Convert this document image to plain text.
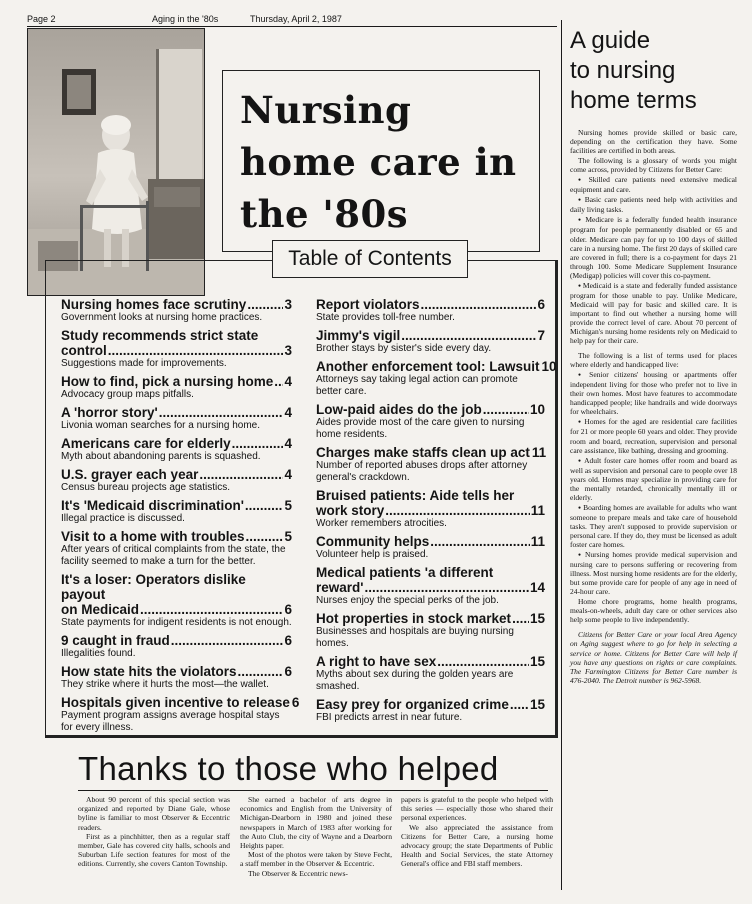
Page 2	Aging in the '80s	Thursday, April 2, 1987
Nursing
home care in
the '80s
Table of Contents
Nursing homes face scrutiny .....	3
Government looks at nursing home practices.
Study recommends strict state
control .....	3
Suggestions made for improvements.
How to find, pick a nursing home ..... 4
Advocacy group maps pitfalls.
A 'horror story' .....	4
Livonia woman searches for a nursing home.
Americans care for elderly .....	4
Myth about abandoning parents is squashed.
U.S. grayer each year .....	4
Census bureau projects age statistics.
It's 'Medicaid discrimination' .....	5
Illegal practice is discussed.
Visit to a home with troubles .....	5
After years of critical complaints from the state, the facility seemed to make a turn for the better.
It's a loser: Operators dislike payout
on Medicaid .....	6
State payments for indigent residents is not enough.
9 caught in fraud .....	6
Illegalities found.
How state hits the violators .....	6
They strike where it hurts the most—the wallet.
Hospitals given incentive to release 6
Payment program assigns average hospital stays for every illness.
Report violators .....	6
State provides toll-free number.
Jimmy's vigil .....	7
Brother stays by sister's side every day.
Another enforcement tool: Lawsuit 10
Attorneys say taking legal action can promote better care.
Low-paid aides do the job .....	10
Aides provide most of the care given to nursing home residents.
Charges make staffs clean up act 11
Number of reported abuses drops after attorney general's crackdown.
Bruised patients: Aide tells her
work story .....	11
Worker remembers atrocities.
Community helps .....	11
Volunteer help is praised.
Medical patients 'a different
reward' .....	14
Nurses enjoy the special perks of the job.
Hot properties in stock market ..... 15
Businesses and hospitals are buying nursing homes.
A right to have sex .....	15
Myths about sex during the golden years are smashed.
Easy prey for organized crime ..... 15
FBI predicts arrest in near future.
Thanks to those who helped

About 90 percent of this special section was organized and reported by Diane Gale, whose byline is familiar to most Observer & Eccentric readers.

First as a pinchhitter, then as a regular staff member, Gale has covered city halls, schools and Suburban Life section features for most of the editions. Currently, she covers Canton Township.

She earned a bachelor of arts degree in economics and English from the University of Michigan-Dearborn in 1980 and joined these newspapers in March of 1983 after working for the Auto Club, the city of Wayne and a Dearborn Heights paper.

Most of the photos were taken by Steve Fecht, a staff member in the Observer & Eccentric.

The Observer & Eccentric news-

papers is grateful to the people who helped with this series — especially those who shared their personal experiences.

We also appreciated the assistance from Citizens for Better Care, a nursing home advocacy group; the state Departments of Public Health and Social Services, the state Attorney General's office and FBI staff members.

A guide
to nursing
home terms

Nursing homes provide skilled or basic care, depending on the certification they have. Some facilities are certified in both areas.

The following is a glossary of words you might come across, provided by Citizens for Better Care:

● Skilled care patients need extensive medical equipment and care.

● Basic care patients need help with activities and daily living tasks.

● Medicare is a federally funded health insurance program for people permanently disabled or 65 and older. Medicare can pay for up to 100 days of skilled care in a nursing home. The first 20 days of skilled care are covered in full; there is a co-payment for days 21 through 100. Some Medicare Supplement Insurance (Medigap) policies will cover this co-payment.

● Medicaid is a state and federally funded assistance program for those unable to pay. Unlike Medicare, Medicaid will pay for basic and skilled care. It is important to find out whether a nursing home will provide the correct level of care. About 70 percent of Michigan's nursing home residents rely on Medicaid to help pay for their care.

The following is a list of terms used for places where elderly and handicapped live:

● Senior citizens' housing or apartments offer independent living for those who prefer not to live in their own homes. Most have features to accommodate handicapped people; like handrails and wide doorways for wheelchairs.

● Homes for the aged are residential care facilities for 21 or more people 60 years and older. They provide room and board, recreation, supervision and personal care assistance, like bathing, dressing and grooming.

● Adult foster care homes offer room and board as well as supervision and personal care to people over 18 years old. Homes may specialize in providing care for the mentally retarded, chronically mentally ill or elderly.

● Boarding homes are available for adults who want someone to prepare meals and take care of household tasks. They aren't supposed to provide supervision or personal care. If they do, they must be licensed as adult foster care homes.

● Nursing homes provide medical supervision and nursing care to persons suffering or recovering from illness. Most nursing home residents are for the elderly, but some provide care for people of any age in need of 24-hour care.

Home chore programs, home health programs, meals-on-wheels, adult day care or other services also help some people to live independently.

Citizens for Better Care or your local Area Agency on Aging suggest where to go for help in selecting a service or home. Citizens for Better Care will help if you have any questions on rights or care complaints. The Farmington Citizens for Better Care number is 476-2040. The Detroit number is 962-5968.
